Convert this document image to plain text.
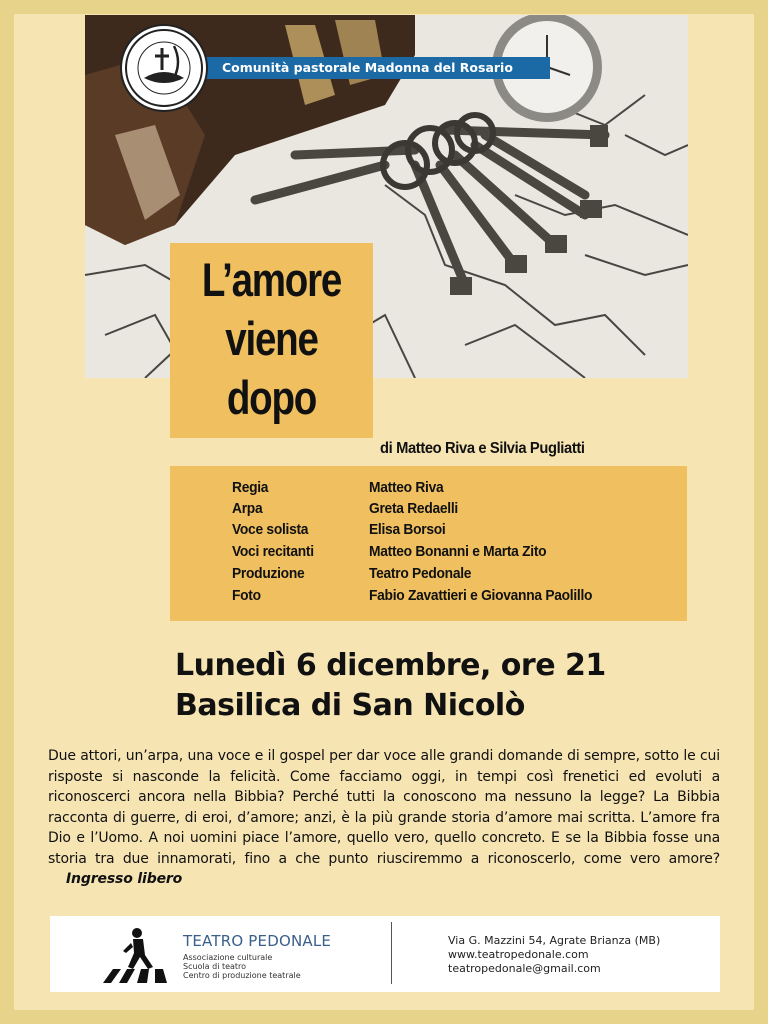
Comunità pastorale Madonna del Rosario
L’amore
viene
dopo
di Matteo Riva e Silvia Pugliatti
Regia	Matteo Riva
Arpa	Greta Redaelli
Voce solista	Elisa Borsoi
Voci recitanti	Matteo Bonanni e Marta Zito
Produzione	Teatro Pedonale
Foto	Fabio Zavattieri e Giovanna Paolillo
Lunedì 6 dicembre, ore 21
Basilica di San Nicolò
Due attori, un’arpa, una voce e il gospel per dar voce alle grandi domande di sempre, sotto le cui risposte si nasconde la felicità. Come facciamo oggi, in tempi così frenetici ed evoluti a riconoscerci ancora nella Bibbia? Perché tutti la conoscono ma nessuno la legge? La Bibbia racconta di guerre, di eroi, d’amore; anzi, è la più grande storia d’amore mai scritta. L’amore fra Dio e l’Uomo. A noi uomini piace l’amore, quello vero, quello concreto. E se la Bibbia fosse una storia tra due innamorati, fino a che punto riusciremmo a riconoscerlo, come vero amore? Ingresso libero
TEATRO PEDONALE
Associazione culturale
Scuola di teatro
Centro di produzione teatrale
Via G. Mazzini 54, Agrate Brianza (MB)
www.teatropedonale.com
teatropedonale@gmail.com
